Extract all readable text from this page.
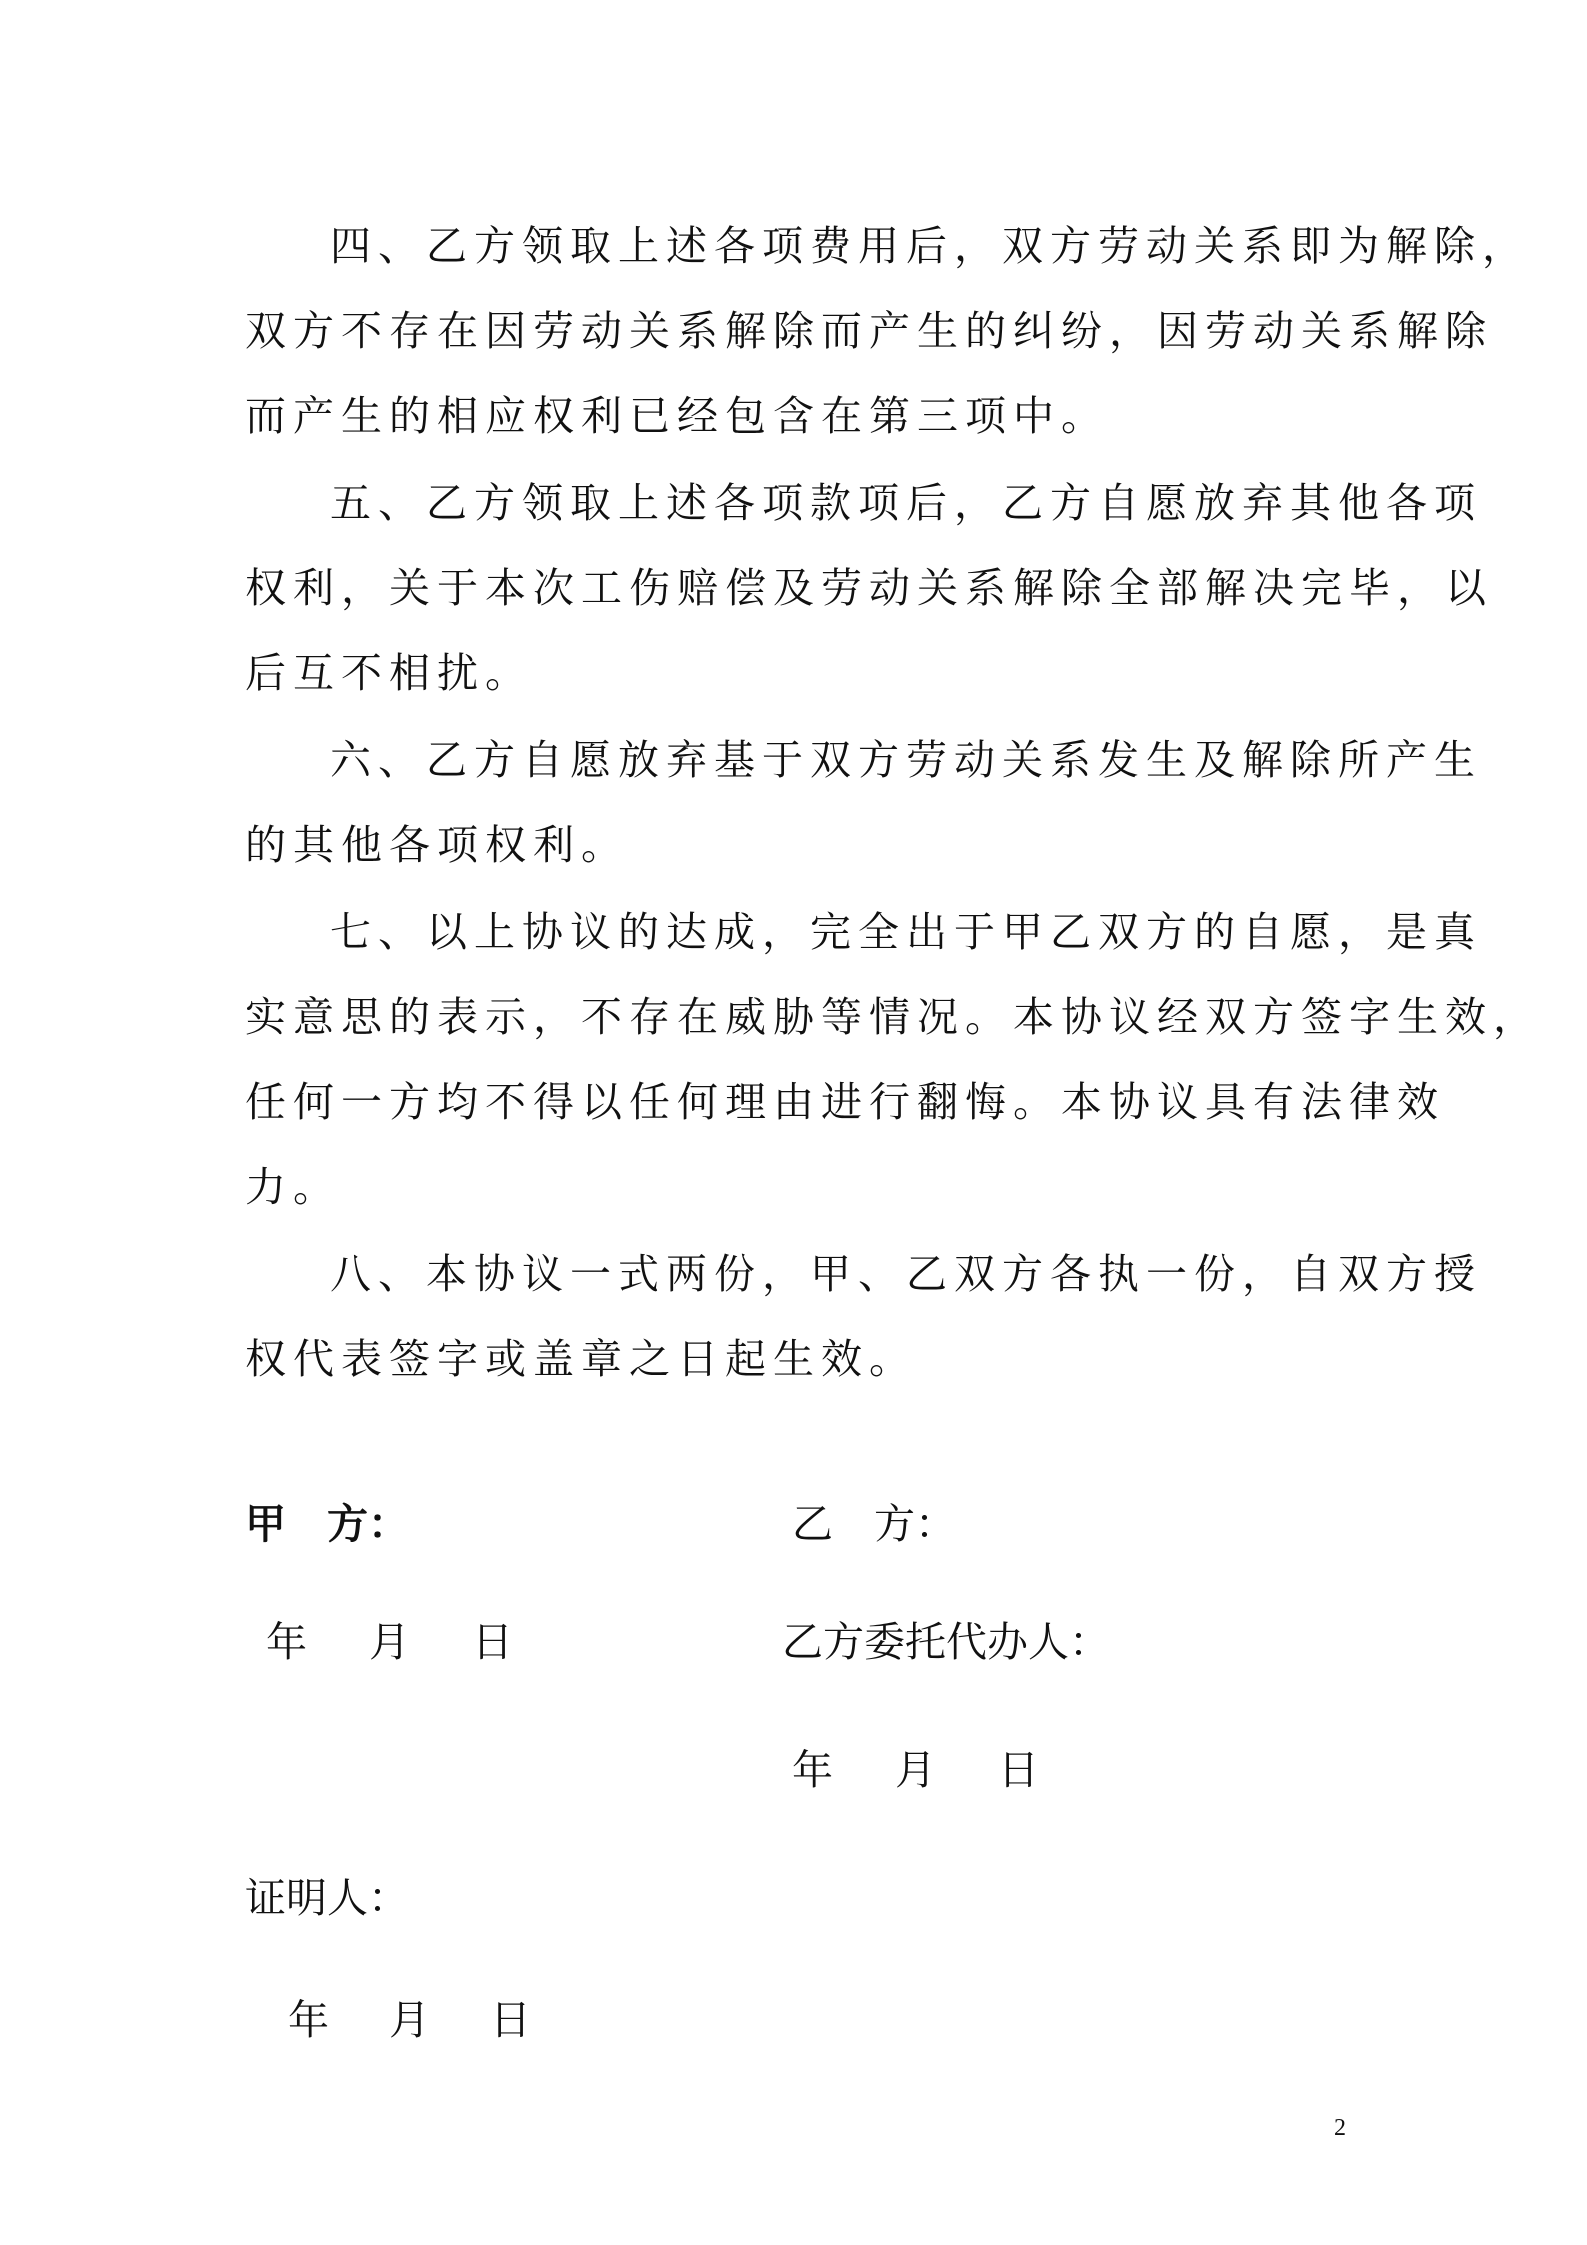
四、乙方领取上述各项费用后，双方劳动关系即为解除，
双方不存在因劳动关系解除而产生的纠纷，因劳动关系解除
而产生的相应权利已经包含在第三项中。
五、乙方领取上述各项款项后，乙方自愿放弃其他各项
权利，关于本次工伤赔偿及劳动关系解除全部解决完毕，以
后互不相扰。
六、乙方自愿放弃基于双方劳动关系发生及解除所产生
的其他各项权利。
七、以上协议的达成，完全出于甲乙双方的自愿，是真
实意思的表示，不存在威胁等情况。本协议经双方签字生效，
任何一方均不得以任何理由进行翻悔。本协议具有法律效
力。
八、本协议一式两份，甲、乙双方各执一份，自双方授
权代表签字或盖章之日起生效。
甲　方：	乙　方：
年 月 日	乙方委托代办人：
年 月 日
证明人：
年 月 日
2
